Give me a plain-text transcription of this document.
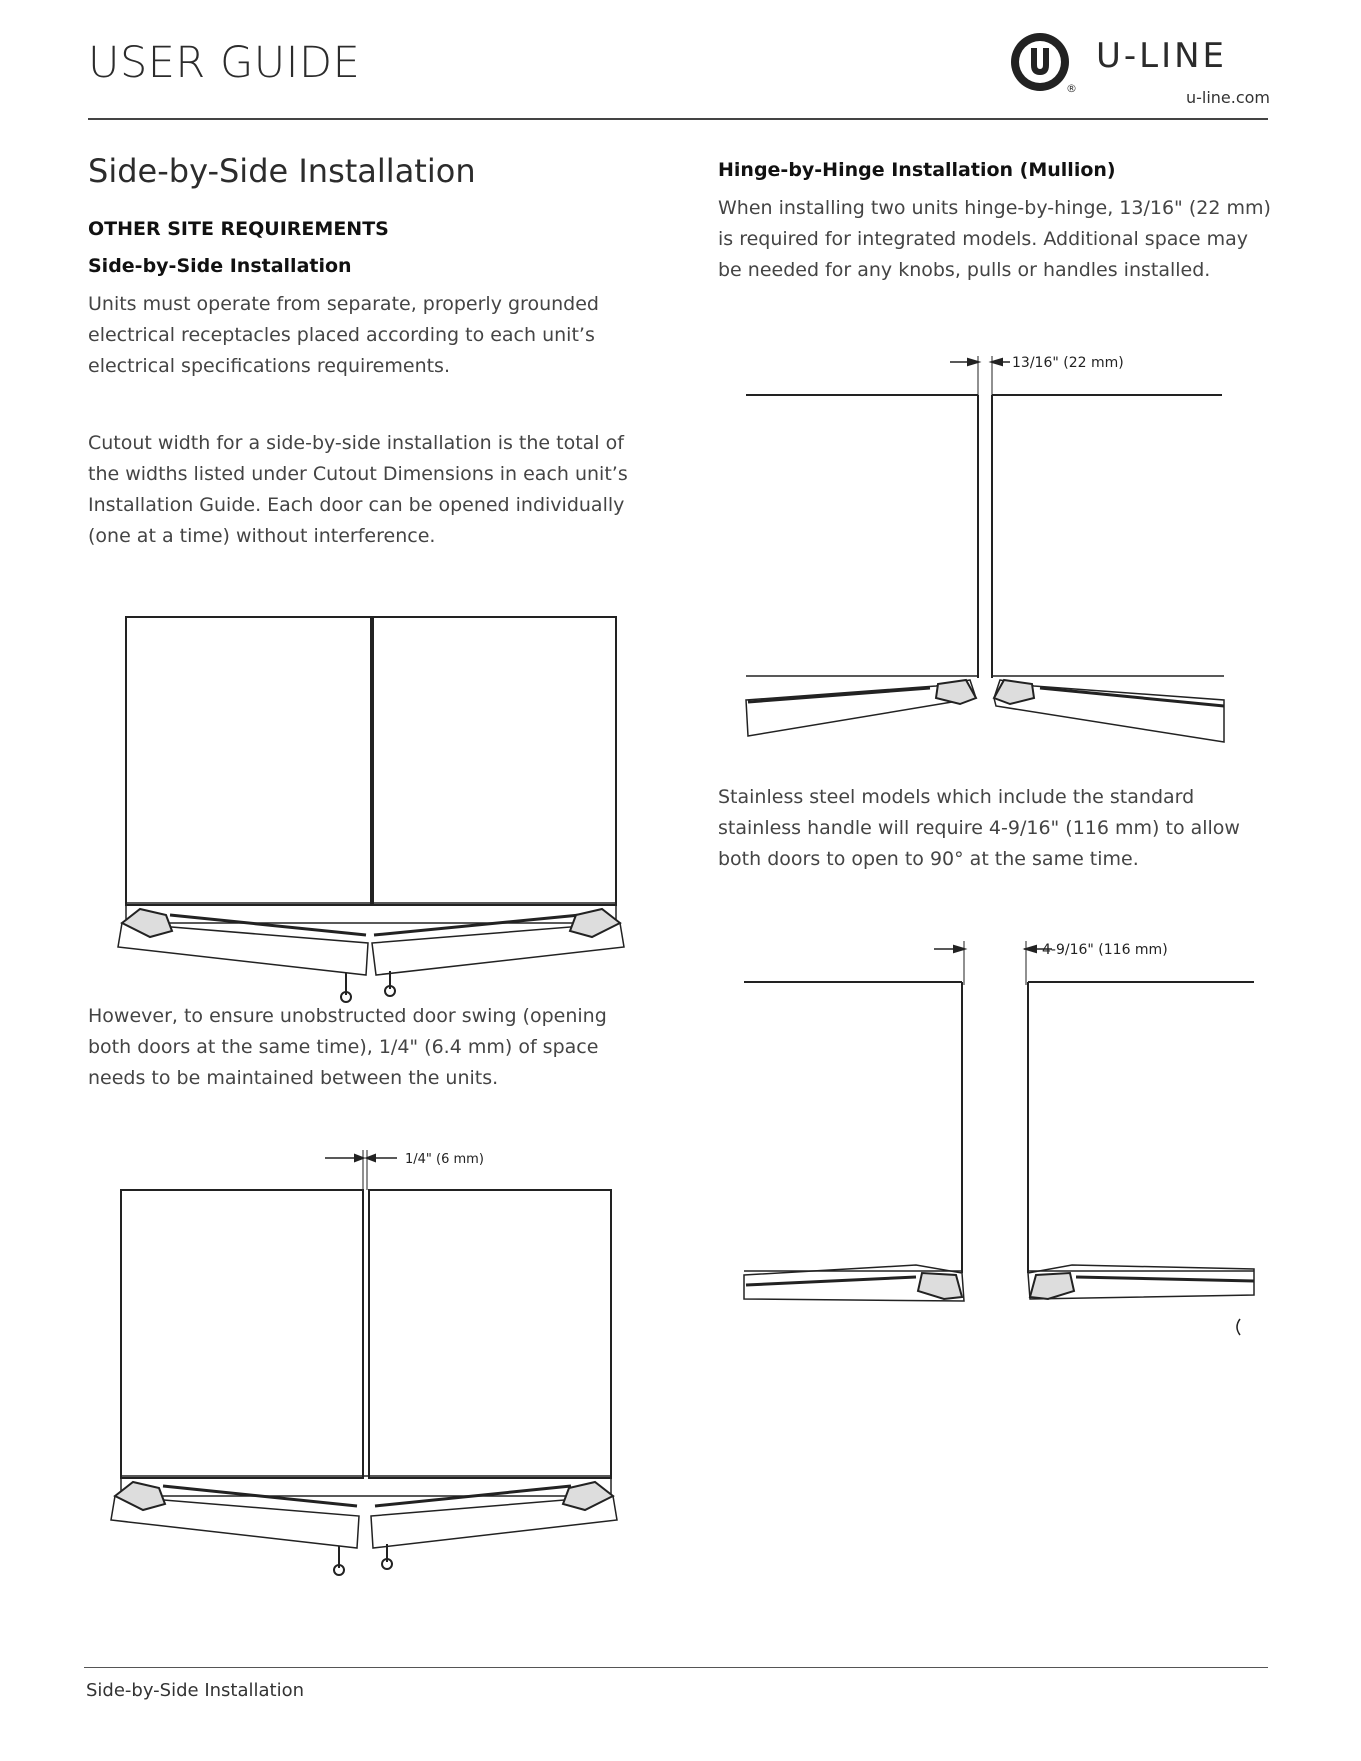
USER GUIDE
®
U-LINE
u-line.com
Side-by-Side Installation
OTHER SITE REQUIREMENTS
Side-by-Side Installation
Units must operate from separate, properly grounded electrical receptacles placed according to each unit’s electrical specifications requirements.
Cutout width for a side-by-side installation is the total of the widths listed under Cutout Dimensions in each unit’s Installation Guide. Each door can be opened individually (one at a time) without interference.
However, to ensure unobstructed door swing (opening both doors at the same time), 1/4" (6.4 mm) of space needs to be maintained between the units.
1/4" (6 mm)
Hinge-by-Hinge Installation (Mullion)
When installing two units hinge-by-hinge, 13/16" (22 mm) is required for integrated models. Additional space may be needed for any knobs, pulls or handles installed.
13/16" (22 mm)
Stainless steel models which include the standard stainless handle will require 4-9/16" (116 mm) to allow both doors to open to 90° at the same time.
4-9/16" (116 mm)
Side-by-Side Installation
